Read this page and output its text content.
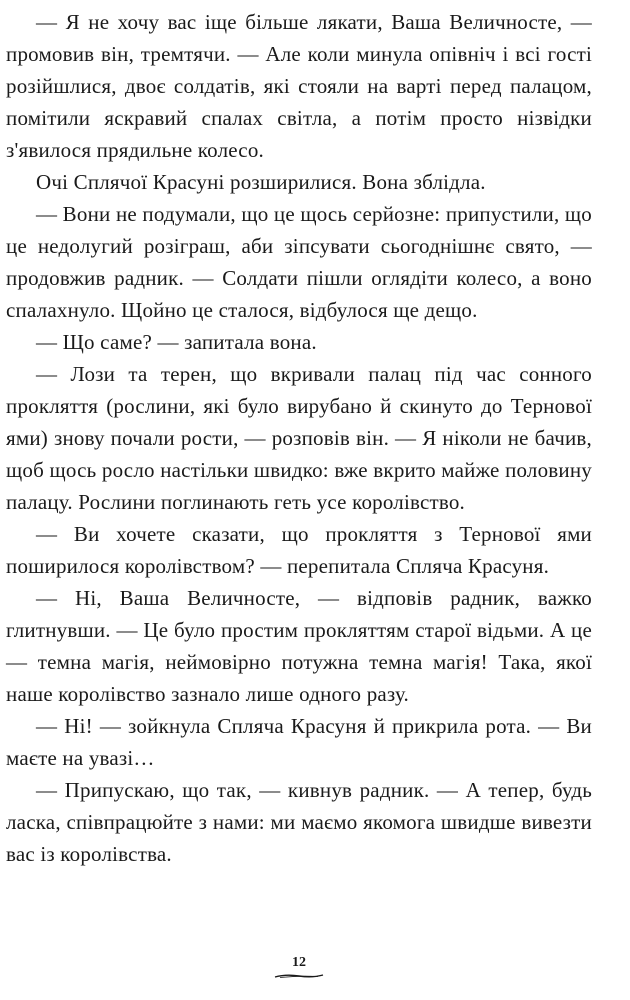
— Я не хочу вас іще більше лякати, Ваша Величносте, — промовив він, тремтячи. — Але коли минула опівніч і всі гості розійшлися, двоє солдатів, які стояли на варті перед палацом, помітили яскравий спалах світла, а потім просто нізвідки з'явилося прядильне колесо.

Очі Сплячої Красуні розширилися. Вона зблідла.

— Вони не подумали, що це щось серйозне: припустили, що це недолугий розіграш, аби зіпсувати сьогоднішнє свято, — продовжив радник. — Солдати пішли оглядіти колесо, а воно спалахнуло. Щойно це сталося, відбулося ще дещо.

— Що саме? — запитала вона.

— Лози та терен, що вкривали палац під час сонного прокляття (рослини, які було вирубано й скинуто до Тернової ями) знову почали рости, — розповів він. — Я ніколи не бачив, щоб щось росло настільки швидко: вже вкрито майже половину палацу. Рослини поглинають геть усе королівство.

— Ви хочете сказати, що прокляття з Тернової ями поширилося королівством? — перепитала Спляча Красуня.

— Ні, Ваша Величносте, — відповів радник, важко глитнувши. — Це було простим прокляттям старої відьми. А це — темна магія, неймовірно потужна темна магія! Така, якої наше королівство зазнало лише одного разу.

— Ні! — зойкнула Спляча Красуня й прикрила рота. — Ви маєте на увазі…

— Припускаю, що так, — кивнув радник. — А тепер, будь ласка, співпрацюйте з нами: ми маємо якомога швидше вивезти вас із королівства.

12
